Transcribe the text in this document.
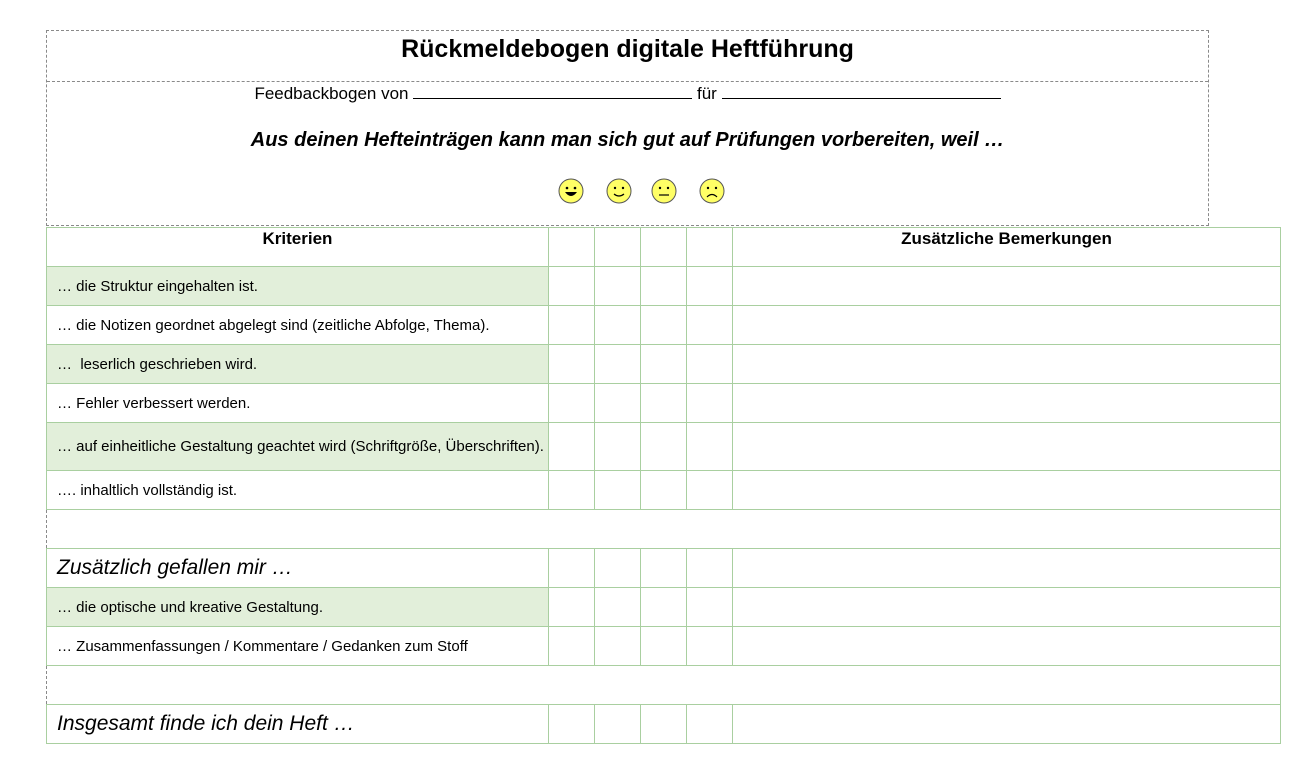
Rückmeldebogen digitale Heftführung
Feedbackbogen von	für
Aus deinen Hefteinträgen kann man sich gut auf Prüfungen vorbereiten, weil …
Kriterien					Zusätzliche Bemerkungen
… die Struktur eingehalten ist.					
… die Notizen geordnet abgelegt sind (zeitliche Abfolge, Thema).					
…  leserlich geschrieben wird.					
… Fehler verbessert werden.					
… auf einheitliche Gestaltung geachtet wird (Schriftgröße, Überschriften).					
…. inhaltlich vollständig ist.					

Zusätzlich gefallen mir …					
… die optische und kreative Gestaltung.					
… Zusammenfassungen / Kommentare / Gedanken zum Stoff					

Insgesamt finde ich dein Heft …					
